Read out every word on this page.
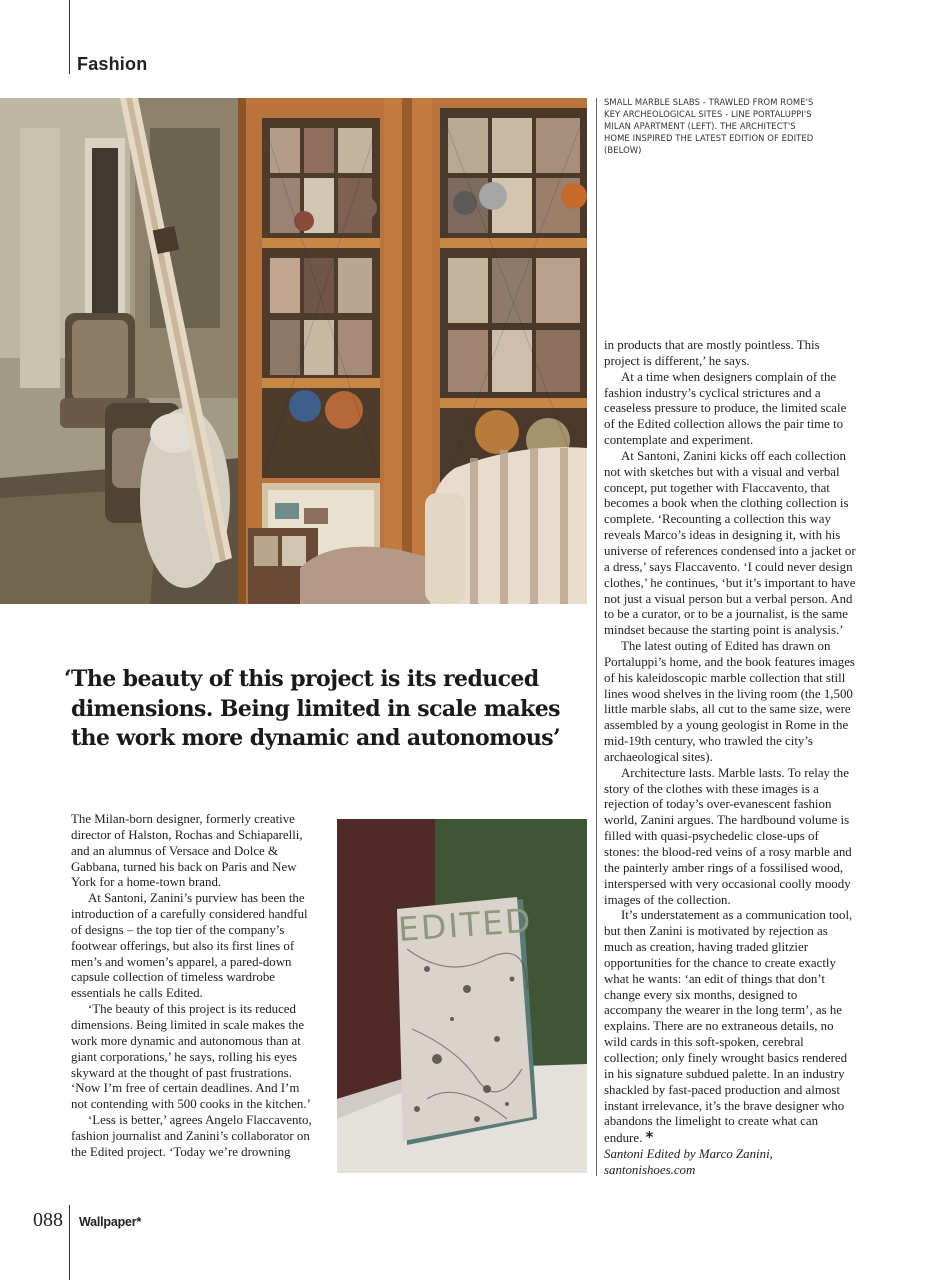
Fashion
SMALL MARBLE SLABS - TRAWLED FROM ROME'S KEY ARCHEOLOGICAL SITES - LINE PORTALUPPI'S MILAN APARTMENT (LEFT). THE ARCHITECT'S HOME INSPIRED THE LATEST EDITION OF EDITED (BELOW)
‘The beauty of this project is its reduced
dimensions. Being limited in scale makes
the work more dynamic and autonomous’

The Milan-born designer, formerly creative director of Halston, Rochas and Schiaparelli, and an alumnus of Versace and Dolce & Gabbana, turned his back on Paris and New York for a home-town brand.

At Santoni, Zanini’s purview has been the introduction of a carefully considered handful of designs – the top tier of the company’s footwear offerings, but also its first lines of men’s and women’s apparel, a pared-down capsule collection of timeless wardrobe essentials he calls Edited.

‘The beauty of this project is its reduced dimensions. Being limited in scale makes the work more dynamic and autonomous than at giant corporations,’ he says, rolling his eyes skyward at the thought of past frustrations. ‘Now I’m free of certain deadlines. And I’m not contending with 500 cooks in the kitchen.’

‘Less is better,’ agrees Angelo Flaccavento, fashion journalist and Zanini’s collaborator on the Edited project. ‘Today we’re drowning

EDITED

in products that are mostly pointless. This project is different,’ he says.

At a time when designers complain of the fashion industry’s cyclical strictures and a ceaseless pressure to produce, the limited scale of the Edited collection allows the pair time to contemplate and experiment.

At Santoni, Zanini kicks off each collection not with sketches but with a visual and verbal concept, put together with Flaccavento, that becomes a book when the clothing collection is complete. ‘Recounting a collection this way reveals Marco’s ideas in designing it, with his universe of references condensed into a jacket or a dress,’ says Flaccavento. ‘I could never design clothes,’ he continues, ‘but it’s important to have not just a visual person but a verbal person. And to be a curator, or to be a journalist, is the same mindset because the starting point is analysis.’

The latest outing of Edited has drawn on Portaluppi’s home, and the book features images of his kaleidoscopic marble collection that still lines wood shelves in the living room (the 1,500 little marble slabs, all cut to the same size, were assembled by a young geologist in Rome in the mid-19th century, who trawled the city’s archaeological sites).

Architecture lasts. Marble lasts. To relay the story of the clothes with these images is a rejection of today’s over-evanescent fashion world, Zanini argues. The hardbound volume is filled with quasi-psychedelic close-ups of stones: the blood-red veins of a rosy marble and the painterly amber rings of a fossilised wood, interspersed with very occasional coolly moody images of the collection.

It’s understatement as a communication tool, but then Zanini is motivated by rejection as much as creation, having traded glitzier opportunities for the chance to create exactly what he wants: ‘an edit of things that don’t change every six months, designed to accompany the wearer in the long term’, as he explains. There are no extraneous details, no wild cards in this soft-spoken, cerebral collection; only finely wrought basics rendered in his signature subdued palette. In an industry shackled by fast-paced production and almost instant irrelevance, it’s the brave designer who abandons the limelight to create what can endure. *

Santoni Edited by Marco Zanini, santonishoes.com

088 Wallpaper*
